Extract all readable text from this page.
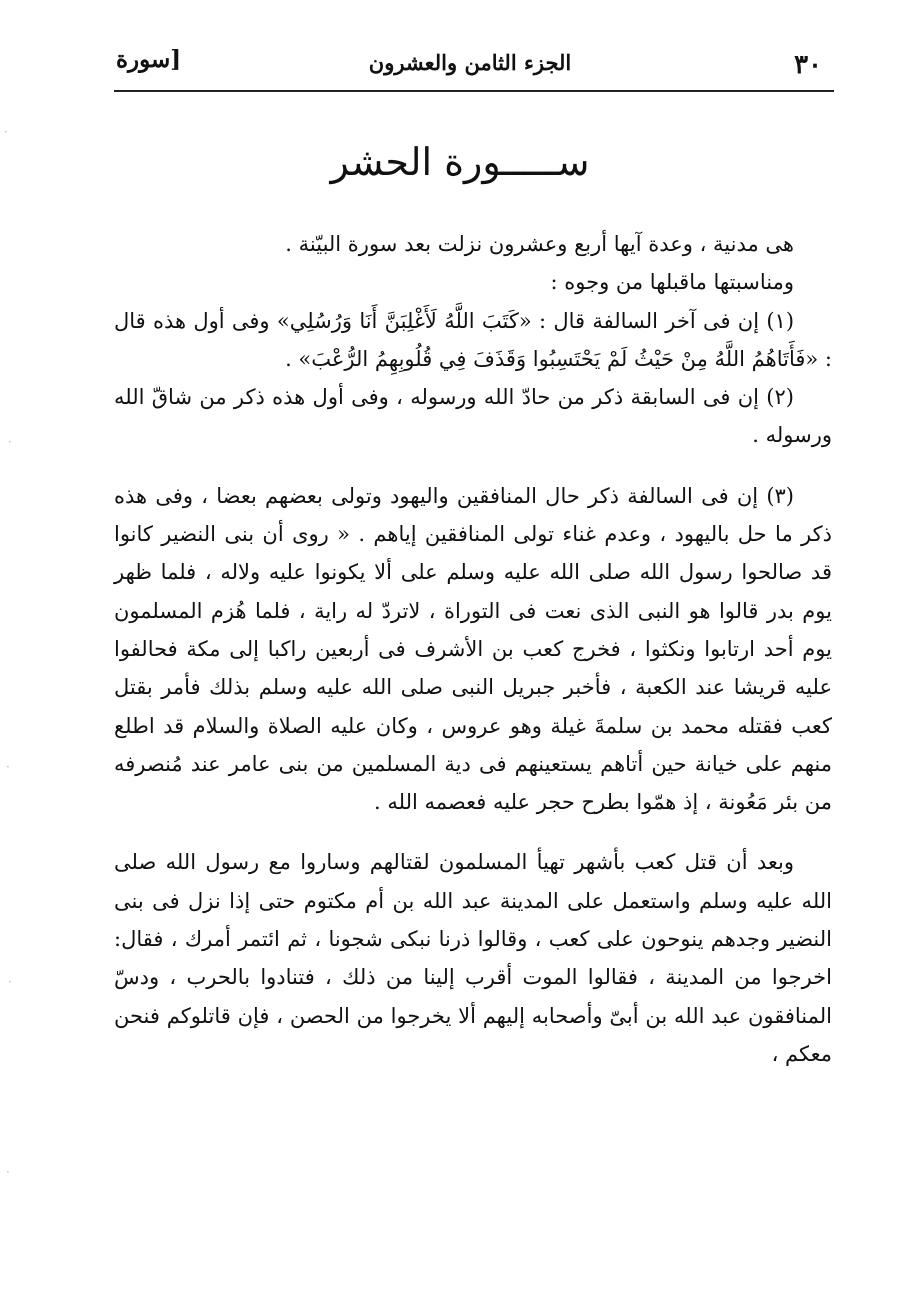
٣٠
الجزء الثامن والعشرون
[سورة
ســـــورة الحشر

هى مدنية ، وعدة آيها أربع وعشرون نزلت بعد سورة البيّنة .

ومناسبتها ماقبلها من وجوه :

(١) إن فى آخر السالفة قال : «كَتَبَ اللَّهُ لَأَغْلِبَنَّ أَنَا وَرُسُلِي» وفى أول هذه قال : «فَأَتَاهُمُ اللَّهُ مِنْ حَيْثُ لَمْ يَحْتَسِبُوا وَقَذَفَ فِي قُلُوبِهِمُ الرُّعْبَ» .

(٢) إن فى السابقة ذكر من حادّ الله ورسوله ، وفى أول هذه ذكر من شاقّ الله ورسوله .

(٣) إن فى السالفة ذكر حال المنافقين واليهود وتولى بعضهم بعضا ، وفى هذه ذكر ما حل باليهود ، وعدم غناء تولى المنافقين إياهم . « روى أن بنى النضير كانوا قد صالحوا رسول الله صلى الله عليه وسلم على ألا يكونوا عليه ولاله ، فلما ظهر يوم بدر قالوا هو النبى الذى نعت فى التوراة ، لاتردّ له راية ، فلما هُزم المسلمون يوم أحد ارتابوا ونكثوا ، فخرج كعب بن الأشرف فى أربعين راكبا إلى مكة فحالفوا عليه قريشا عند الكعبة ، فأخبر جبريل النبى صلى الله عليه وسلم بذلك فأمر بقتل كعب فقتله محمد بن سلمةَ غيلة وهو عروس ، وكان عليه الصلاة والسلام قد اطلع منهم على خيانة حين أتاهم يستعينهم فى دية المسلمين من بنى عامر عند مُنصرفه من بئر مَعُونة ، إذ همّوا بطرح حجر عليه فعصمه الله .

وبعد أن قتل كعب بأشهر تهيأ المسلمون لقتالهم وساروا مع رسول الله صلى الله عليه وسلم واستعمل على المدينة عبد الله بن أم مكتوم حتى إذا نزل فى بنى النضير وجدهم ينوحون على كعب ، وقالوا ذرنا نبكى شجونا ، ثم ائتمر أمرك ، فقال: اخرجوا من المدينة ، فقالوا الموت أقرب إلينا من ذلك ، فتنادوا بالحرب ، ودسّ المنافقون عبد الله بن أبىّ وأصحابه إليهم ألا يخرجوا من الحصن ، فإن قاتلوكم فنحن معكم ،

·
·
·
·
·
